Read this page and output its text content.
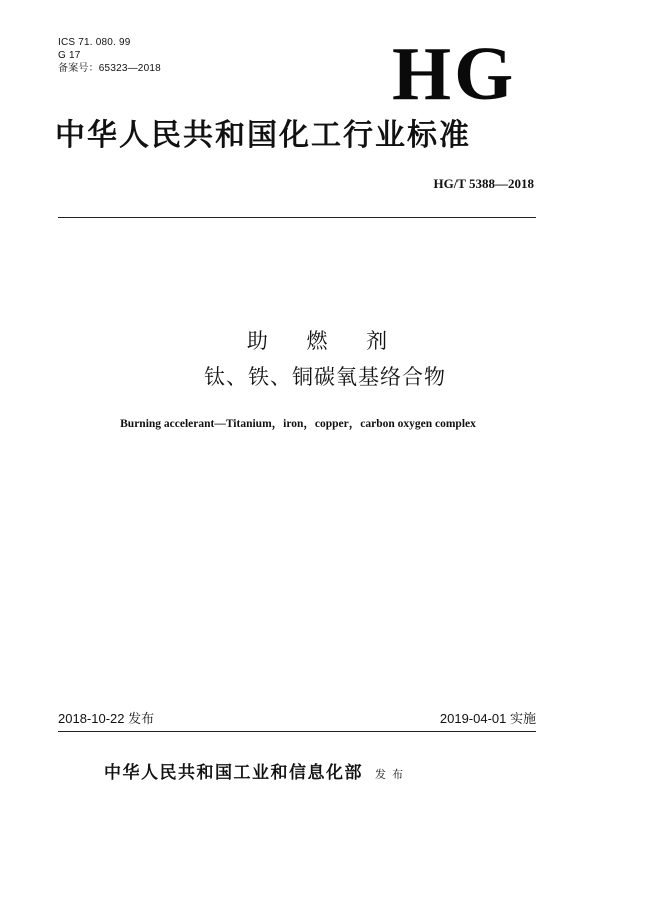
ICS 71. 080. 99
G 17
备案号：65323—2018	HG
中华人民共和国化工行业标准
HG/T 5388—2018
助 燃 剂
钛、铁、铜碳氧基络合物
Burning accelerant—Titanium，iron，copper，carbon oxygen complex
2018-10-22 发布	2019-04-01 实施
中华人民共和国工业和信息化部 发布
